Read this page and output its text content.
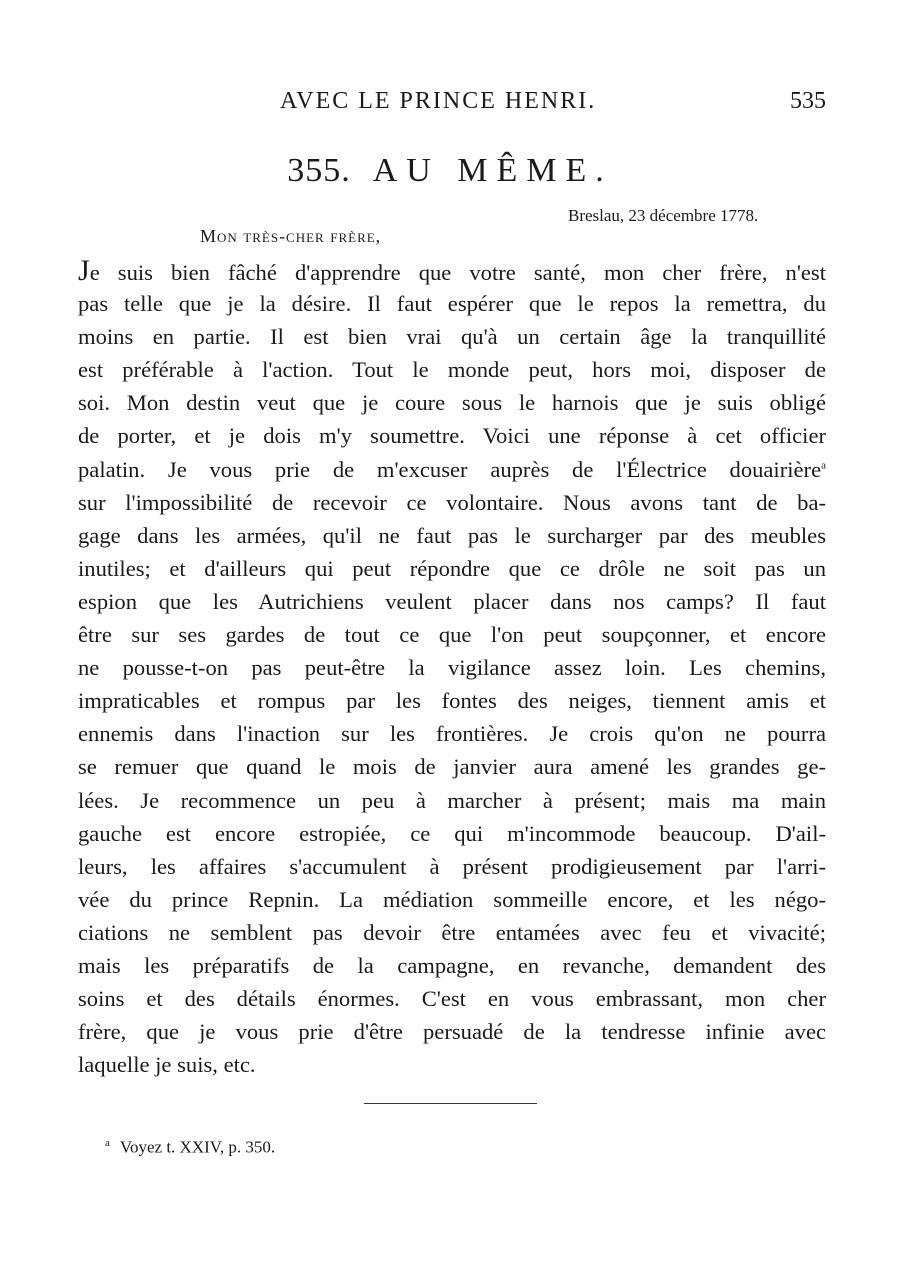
AVEC LE PRINCE HENRI.	535
355. AU MÊME.
Breslau, 23 décembre 1778.
Mon très-cher frère,
Je suis bien fâché d'apprendre que votre santé, mon cher frère, n'est
pas telle que je la désire. Il faut espérer que le repos la remettra, du
moins en partie. Il est bien vrai qu'à un certain âge la tranquillité
est préférable à l'action. Tout le monde peut, hors moi, disposer de
soi. Mon destin veut que je coure sous le harnois que je suis obligé
de porter, et je dois m'y soumettre. Voici une réponse à cet officier
palatin. Je vous prie de m'excuser auprès de l'Électrice douairière$^a$
sur l'impossibilité de recevoir ce volontaire. Nous avons tant de ba-
gage dans les armées, qu'il ne faut pas le surcharger par des meubles
inutiles; et d'ailleurs qui peut répondre que ce drôle ne soit pas un
espion que les Autrichiens veulent placer dans nos camps? Il faut
être sur ses gardes de tout ce que l'on peut soupçonner, et encore
ne pousse-t-on pas peut-être la vigilance assez loin. Les chemins,
impraticables et rompus par les fontes des neiges, tiennent amis et
ennemis dans l'inaction sur les frontières. Je crois qu'on ne pourra
se remuer que quand le mois de janvier aura amené les grandes ge-
lées. Je recommence un peu à marcher à présent; mais ma main
gauche est encore estropiée, ce qui m'incommode beaucoup. D'ail-
leurs, les affaires s'accumulent à présent prodigieusement par l'arri-
vée du prince Repnin. La médiation sommeille encore, et les négo-
ciations ne semblent pas devoir être entamées avec feu et vivacité;
mais les préparatifs de la campagne, en revanche, demandent des
soins et des détails énormes. C'est en vous embrassant, mon cher
frère, que je vous prie d'être persuadé de la tendresse infinie avec
laquelle je suis, etc.
$^a$ Voyez t. XXIV, p. 350.
